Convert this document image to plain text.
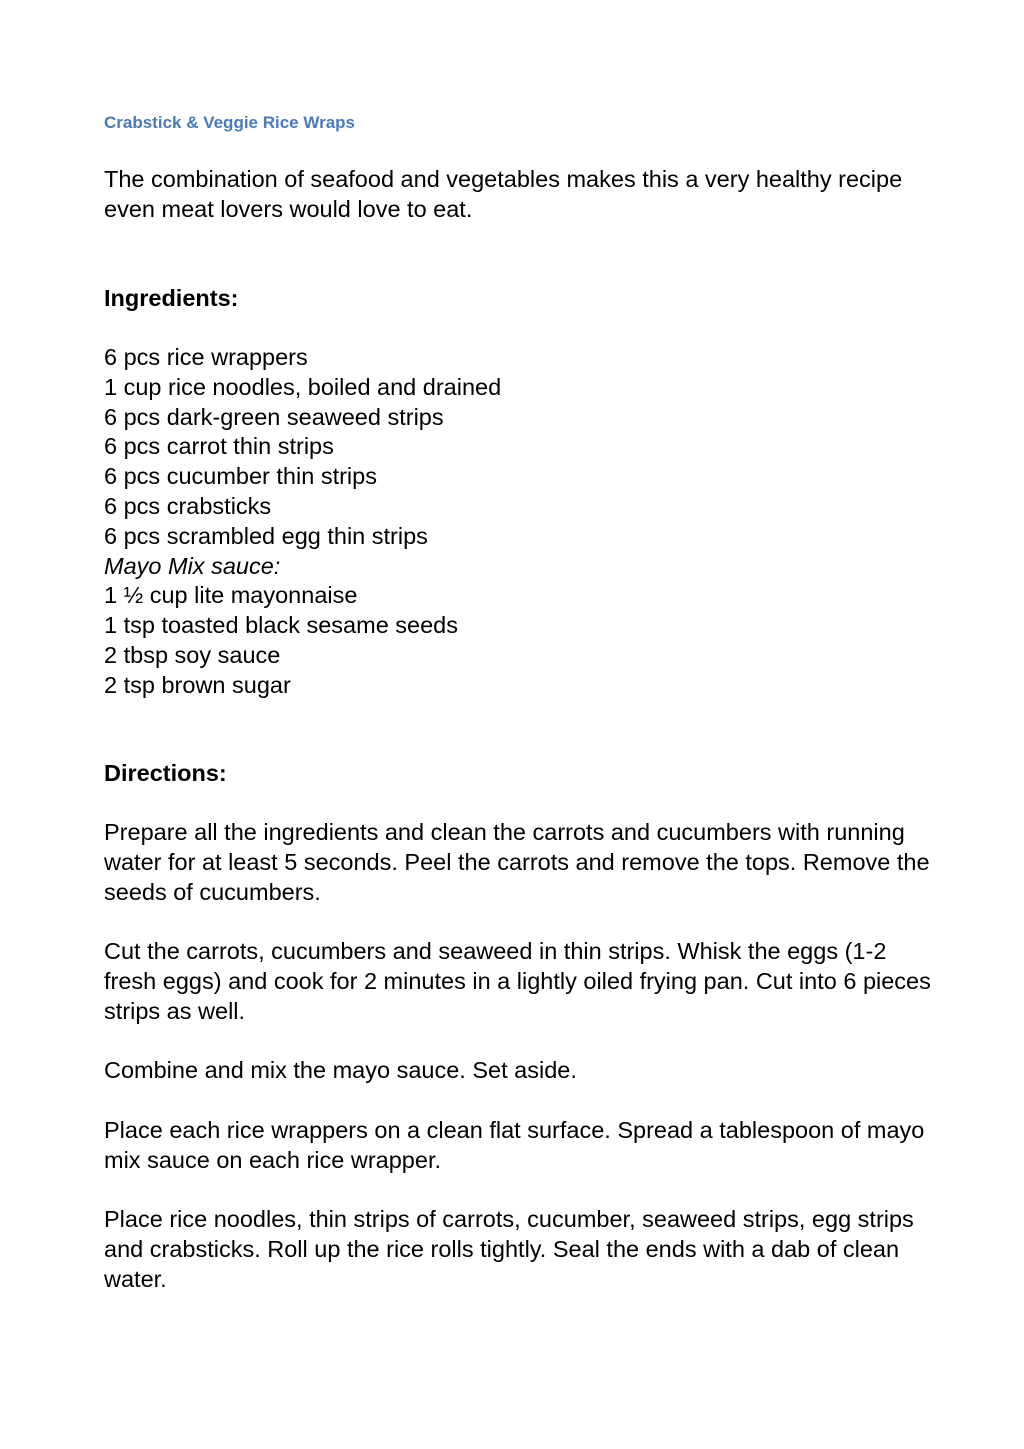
Crabstick & Veggie Rice Wraps

The combination of seafood and vegetables makes this a very healthy recipe even meat lovers would love to eat.

Ingredients:
6 pcs rice wrappers
1 cup rice noodles, boiled and drained
6 pcs dark-green seaweed strips
6 pcs carrot thin strips
6 pcs cucumber thin strips
6 pcs crabsticks
6 pcs scrambled egg thin strips
Mayo Mix sauce:
1 ½ cup lite mayonnaise
1 tsp toasted black sesame seeds
2 tbsp soy sauce
2 tsp brown sugar
Directions:

Prepare all the ingredients and clean the carrots and cucumbers with running water for at least 5 seconds. Peel the carrots and remove the tops. Remove the seeds of cucumbers.

Cut the carrots, cucumbers and seaweed in thin strips. Whisk the eggs (1-2 fresh eggs) and cook for 2 minutes in a lightly oiled frying pan. Cut into 6 pieces strips as well.

Combine and mix the mayo sauce. Set aside.

Place each rice wrappers on a clean flat surface. Spread a tablespoon of mayo mix sauce on each rice wrapper.

Place rice noodles, thin strips of carrots, cucumber, seaweed strips, egg strips and crabsticks. Roll up the rice rolls tightly. Seal the ends with a dab of clean water.
